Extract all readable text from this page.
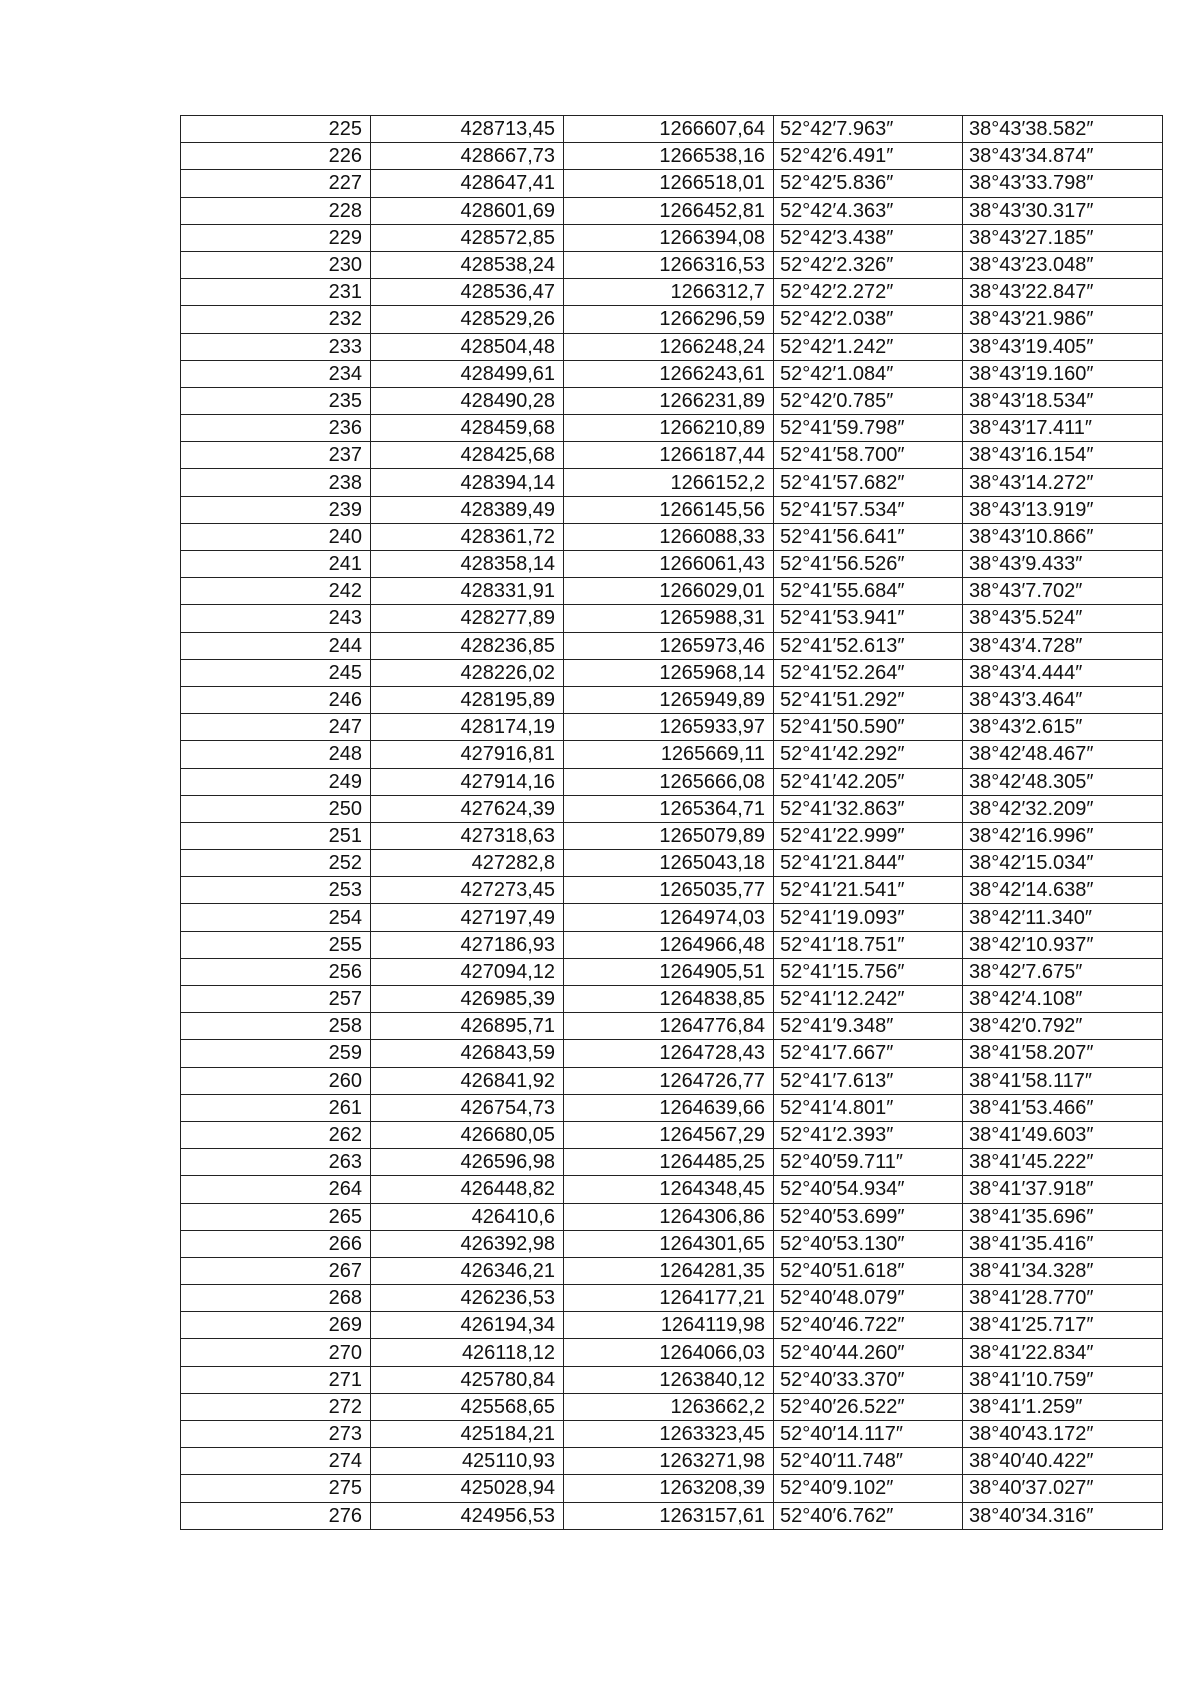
225	428713,45	1266607,64	52°42′7.963″	38°43′38.582″
226	428667,73	1266538,16	52°42′6.491″	38°43′34.874″
227	428647,41	1266518,01	52°42′5.836″	38°43′33.798″
228	428601,69	1266452,81	52°42′4.363″	38°43′30.317″
229	428572,85	1266394,08	52°42′3.438″	38°43′27.185″
230	428538,24	1266316,53	52°42′2.326″	38°43′23.048″
231	428536,47	1266312,7	52°42′2.272″	38°43′22.847″
232	428529,26	1266296,59	52°42′2.038″	38°43′21.986″
233	428504,48	1266248,24	52°42′1.242″	38°43′19.405″
234	428499,61	1266243,61	52°42′1.084″	38°43′19.160″
235	428490,28	1266231,89	52°42′0.785″	38°43′18.534″
236	428459,68	1266210,89	52°41′59.798″	38°43′17.411″
237	428425,68	1266187,44	52°41′58.700″	38°43′16.154″
238	428394,14	1266152,2	52°41′57.682″	38°43′14.272″
239	428389,49	1266145,56	52°41′57.534″	38°43′13.919″
240	428361,72	1266088,33	52°41′56.641″	38°43′10.866″
241	428358,14	1266061,43	52°41′56.526″	38°43′9.433″
242	428331,91	1266029,01	52°41′55.684″	38°43′7.702″
243	428277,89	1265988,31	52°41′53.941″	38°43′5.524″
244	428236,85	1265973,46	52°41′52.613″	38°43′4.728″
245	428226,02	1265968,14	52°41′52.264″	38°43′4.444″
246	428195,89	1265949,89	52°41′51.292″	38°43′3.464″
247	428174,19	1265933,97	52°41′50.590″	38°43′2.615″
248	427916,81	1265669,11	52°41′42.292″	38°42′48.467″
249	427914,16	1265666,08	52°41′42.205″	38°42′48.305″
250	427624,39	1265364,71	52°41′32.863″	38°42′32.209″
251	427318,63	1265079,89	52°41′22.999″	38°42′16.996″
252	427282,8	1265043,18	52°41′21.844″	38°42′15.034″
253	427273,45	1265035,77	52°41′21.541″	38°42′14.638″
254	427197,49	1264974,03	52°41′19.093″	38°42′11.340″
255	427186,93	1264966,48	52°41′18.751″	38°42′10.937″
256	427094,12	1264905,51	52°41′15.756″	38°42′7.675″
257	426985,39	1264838,85	52°41′12.242″	38°42′4.108″
258	426895,71	1264776,84	52°41′9.348″	38°42′0.792″
259	426843,59	1264728,43	52°41′7.667″	38°41′58.207″
260	426841,92	1264726,77	52°41′7.613″	38°41′58.117″
261	426754,73	1264639,66	52°41′4.801″	38°41′53.466″
262	426680,05	1264567,29	52°41′2.393″	38°41′49.603″
263	426596,98	1264485,25	52°40′59.711″	38°41′45.222″
264	426448,82	1264348,45	52°40′54.934″	38°41′37.918″
265	426410,6	1264306,86	52°40′53.699″	38°41′35.696″
266	426392,98	1264301,65	52°40′53.130″	38°41′35.416″
267	426346,21	1264281,35	52°40′51.618″	38°41′34.328″
268	426236,53	1264177,21	52°40′48.079″	38°41′28.770″
269	426194,34	1264119,98	52°40′46.722″	38°41′25.717″
270	426118,12	1264066,03	52°40′44.260″	38°41′22.834″
271	425780,84	1263840,12	52°40′33.370″	38°41′10.759″
272	425568,65	1263662,2	52°40′26.522″	38°41′1.259″
273	425184,21	1263323,45	52°40′14.117″	38°40′43.172″
274	425110,93	1263271,98	52°40′11.748″	38°40′40.422″
275	425028,94	1263208,39	52°40′9.102″	38°40′37.027″
276	424956,53	1263157,61	52°40′6.762″	38°40′34.316″
